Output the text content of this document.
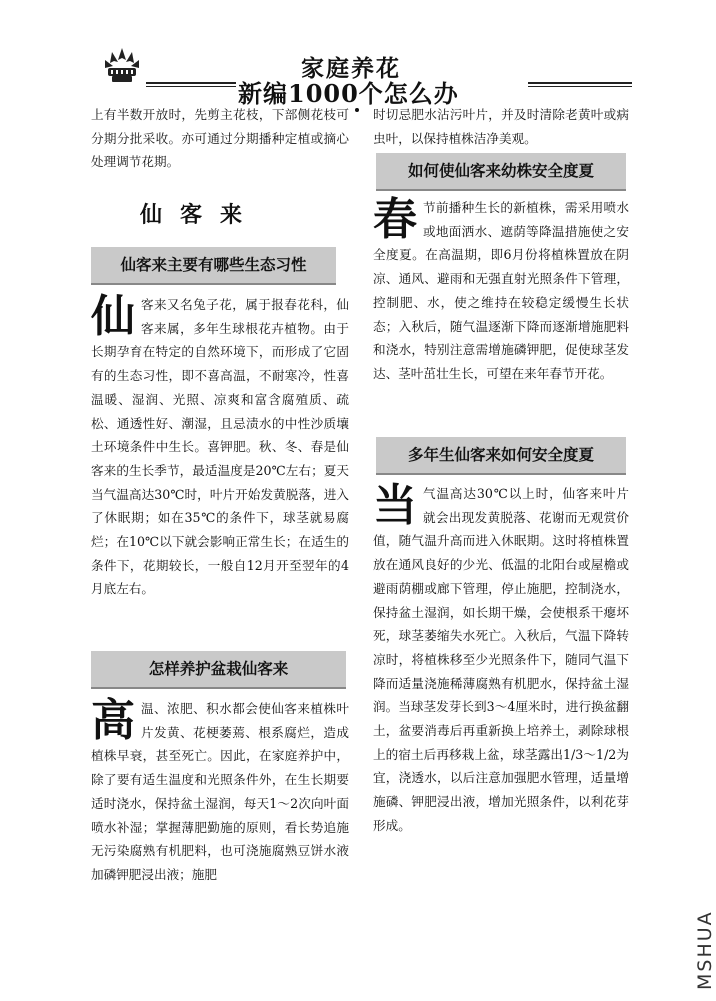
家庭养花
新编1000个怎么办

上有半数开放时，先剪主花枝，下部侧花枝可分期分批采收。亦可通过分期播种定植或摘心处理调节花期。

仙客来
仙客来主要有哪些生态习性
仙 客来又名兔子花，属于报春花科，仙客来属，多年生球根花卉植物。由于长期孕育在特定的自然环境下，而形成了它固有的生态习性，即不喜高温，不耐寒冷，性喜温暖、湿润、光照、凉爽和富含腐殖质、疏松、通透性好、潮湿，且忌渍水的中性沙质壤土环境条件中生长。喜钾肥。秋、冬、春是仙客来的生长季节，最适温度是20℃左右；夏天当气温高达30℃时，叶片开始发黄脱落，进入了休眠期；如在35℃的条件下，球茎就易腐烂；在10℃以下就会影响正常生长；在适生的条件下，花期较长，一般自12月开至翌年的4月底左右。

怎样养护盆栽仙客来
高 温、浓肥、积水都会使仙客来植株叶片发黄、花梗萎蔫、根系腐烂，造成植株早衰，甚至死亡。因此，在家庭养护中，除了要有适生温度和光照条件外，在生长期要适时浇水，保持盆土湿润，每天1～2次向叶面喷水补湿；掌握薄肥勤施的原则，看长势追施无污染腐熟有机肥料，也可浇施腐熟豆饼水液加磷钾肥浸出液；施肥

时切忌肥水沾污叶片，并及时清除老黄叶或病虫叶，以保持植株洁净美观。

如何使仙客来幼株安全度夏
春 节前播种生长的新植株，需采用喷水或地面洒水、遮荫等降温措施使之安全度夏。在高温期，即6月份将植株置放在阴凉、通风、避雨和无强直射光照条件下管理，控制肥、水，使之维持在较稳定缓慢生长状态；入秋后，随气温逐渐下降而逐渐增施肥料和浇水，特别注意需增施磷钾肥，促使球茎发达、茎叶茁壮生长，可望在来年春节开花。

多年生仙客来如何安全度夏
当 气温高达30℃以上时，仙客来叶片就会出现发黄脱落、花谢而无观赏价值，随气温升高而进入休眠期。这时将植株置放在通风良好的少光、低温的北阳台或屋檐或避雨荫棚或廊下管理，停止施肥，控制浇水，保持盆土湿润，如长期干燥，会使根系干瘪坏死，球茎萎缩失水死亡。入秋后，气温下降转凉时，将植株移至少光照条件下，随同气温下降而适量浇施稀薄腐熟有机肥水，保持盆土湿润。当球茎发芽长到3～4厘米时，进行换盆翻土，盆要消毒后再重新换上培养土，剥除球根上的宿土后再移栽上盆，球茎露出1/3～1/2为宜，浇透水，以后注意加强肥水管理，适量增施磷、钾肥浸出液，增加光照条件，以利花芽形成。

MSHUA
